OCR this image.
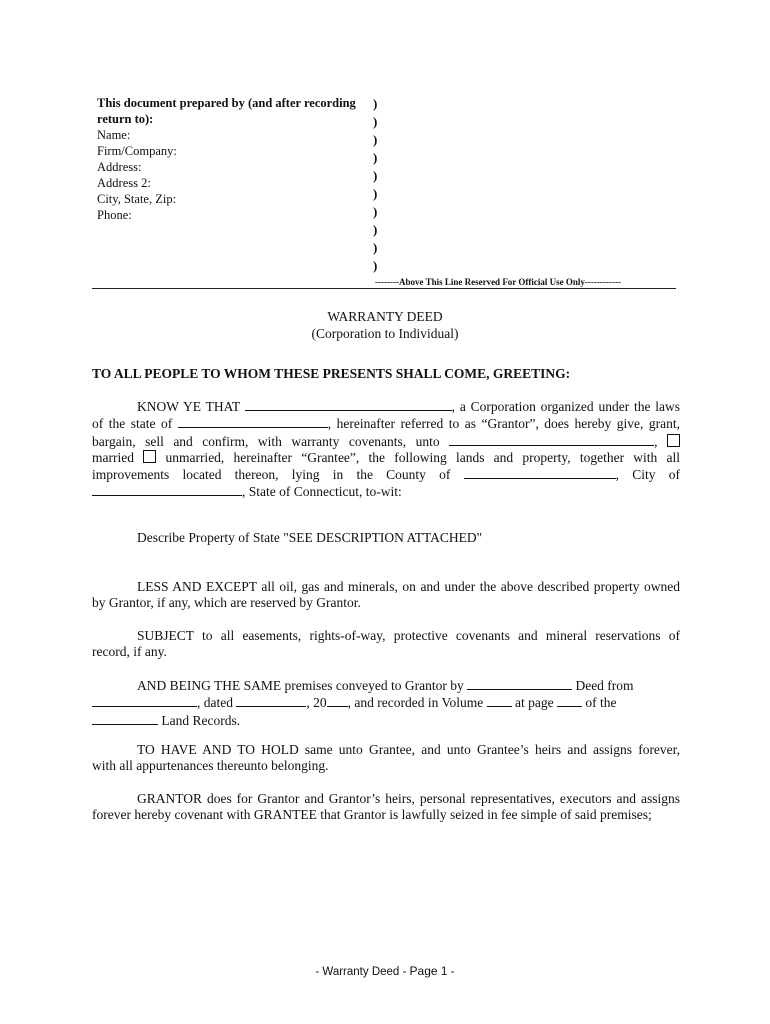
This document prepared by (and after recording
return to):
Name:
Firm/Company:
Address:
Address 2:
City, State, Zip:
Phone:
)
)
)
)
)
)
)
)
)
)
--------Above This Line Reserved For Official Use Only------------
WARRANTY DEED
(Corporation to Individual)
TO ALL PEOPLE TO WHOM THESE PRESENTS SHALL COME, GREETING:
KNOW YE THAT	, a Corporation organized under the laws
of the state of	, hereinafter referred to as “Grantor”, does hereby give, grant,
bargain, sell and confirm, with warranty covenants, unto	,
married unmarried, hereinafter “Grantee”, the following lands and property, together with all
improvements located thereon, lying in the County of	, City of
, State of Connecticut, to-wit:
Describe Property of State "SEE DESCRIPTION ATTACHED"
LESS AND EXCEPT all oil, gas and minerals, on and under the above described property owned
by Grantor, if any, which are reserved by Grantor.
SUBJECT to all easements, rights-of-way, protective covenants and mineral reservations of
record, if any.
AND BEING THE SAME premises conveyed to Grantor by	Deed from
, dated	, 20 , and recorded in Volume at page of the
Land Records.
TO HAVE AND TO HOLD same unto Grantee, and unto Grantee’s heirs and assigns forever,
with all appurtenances thereunto belonging.
GRANTOR does for Grantor and Grantor’s heirs, personal representatives, executors and assigns
forever hereby covenant with GRANTEE that Grantor is lawfully seized in fee simple of said premises;
- Warranty Deed - Page 1 -
